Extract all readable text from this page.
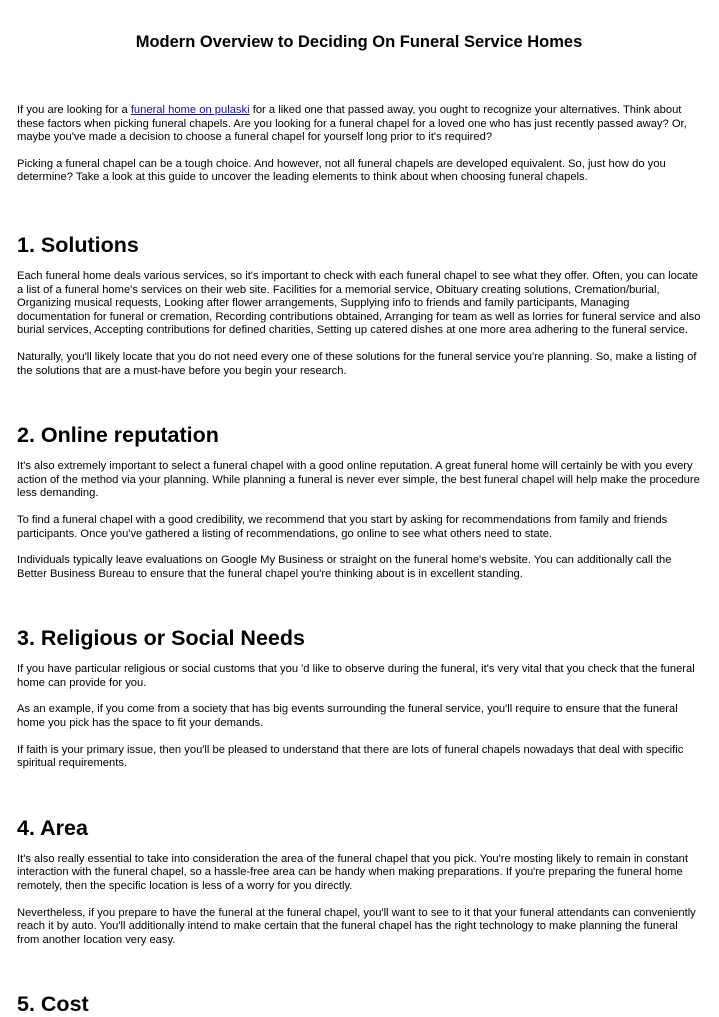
Modern Overview to Deciding On Funeral Service Homes

If you are looking for a funeral home on pulaski for a liked one that passed away, you ought to recognize your alternatives. Think about these factors when picking funeral chapels. Are you looking for a funeral chapel for a loved one who has just recently passed away? Or, maybe you've made a decision to choose a funeral chapel for yourself long prior to it's required?

Picking a funeral chapel can be a tough choice. And however, not all funeral chapels are developed equivalent. So, just how do you determine? Take a look at this guide to uncover the leading elements to think about when choosing funeral chapels.

1. Solutions

Each funeral home deals various services, so it's important to check with each funeral chapel to see what they offer. Often, you can locate a list of a funeral home's services on their web site. Facilities for a memorial service, Obituary creating solutions, Cremation/burial, Organizing musical requests, Looking after flower arrangements, Supplying info to friends and family participants, Managing documentation for funeral or cremation, Recording contributions obtained, Arranging for team as well as lorries for funeral service and also burial services, Accepting contributions for defined charities, Setting up catered dishes at one more area adhering to the funeral service.

Naturally, you'll likely locate that you do not need every one of these solutions for the funeral service you're planning. So, make a listing of the solutions that are a must-have before you begin your research.

2. Online reputation

It's also extremely important to select a funeral chapel with a good online reputation. A great funeral home will certainly be with you every action of the method via your planning. While planning a funeral is never ever simple, the best funeral chapel will help make the procedure less demanding.

To find a funeral chapel with a good credibility, we recommend that you start by asking for recommendations from family and friends participants. Once you've gathered a listing of recommendations, go online to see what others need to state.

Individuals typically leave evaluations on Google My Business or straight on the funeral home's website. You can additionally call the Better Business Bureau to ensure that the funeral chapel you're thinking about is in excellent standing.

3. Religious or Social Needs

If you have particular religious or social customs that you 'd like to observe during the funeral, it's very vital that you check that the funeral home can provide for you.

As an example, if you come from a society that has big events surrounding the funeral service, you'll require to ensure that the funeral home you pick has the space to fit your demands.

If faith is your primary issue, then you'll be pleased to understand that there are lots of funeral chapels nowadays that deal with specific spiritual requirements.

4. Area

It's also really essential to take into consideration the area of the funeral chapel that you pick. You're mosting likely to remain in constant interaction with the funeral chapel, so a hassle-free area can be handy when making preparations. If you're preparing the funeral home remotely, then the specific location is less of a worry for you directly.

Nevertheless, if you prepare to have the funeral at the funeral chapel, you'll want to see to it that your funeral attendants can conveniently reach it by auto. You'll additionally intend to make certain that the funeral chapel has the right technology to make planning the funeral from another location very easy.

5. Cost
